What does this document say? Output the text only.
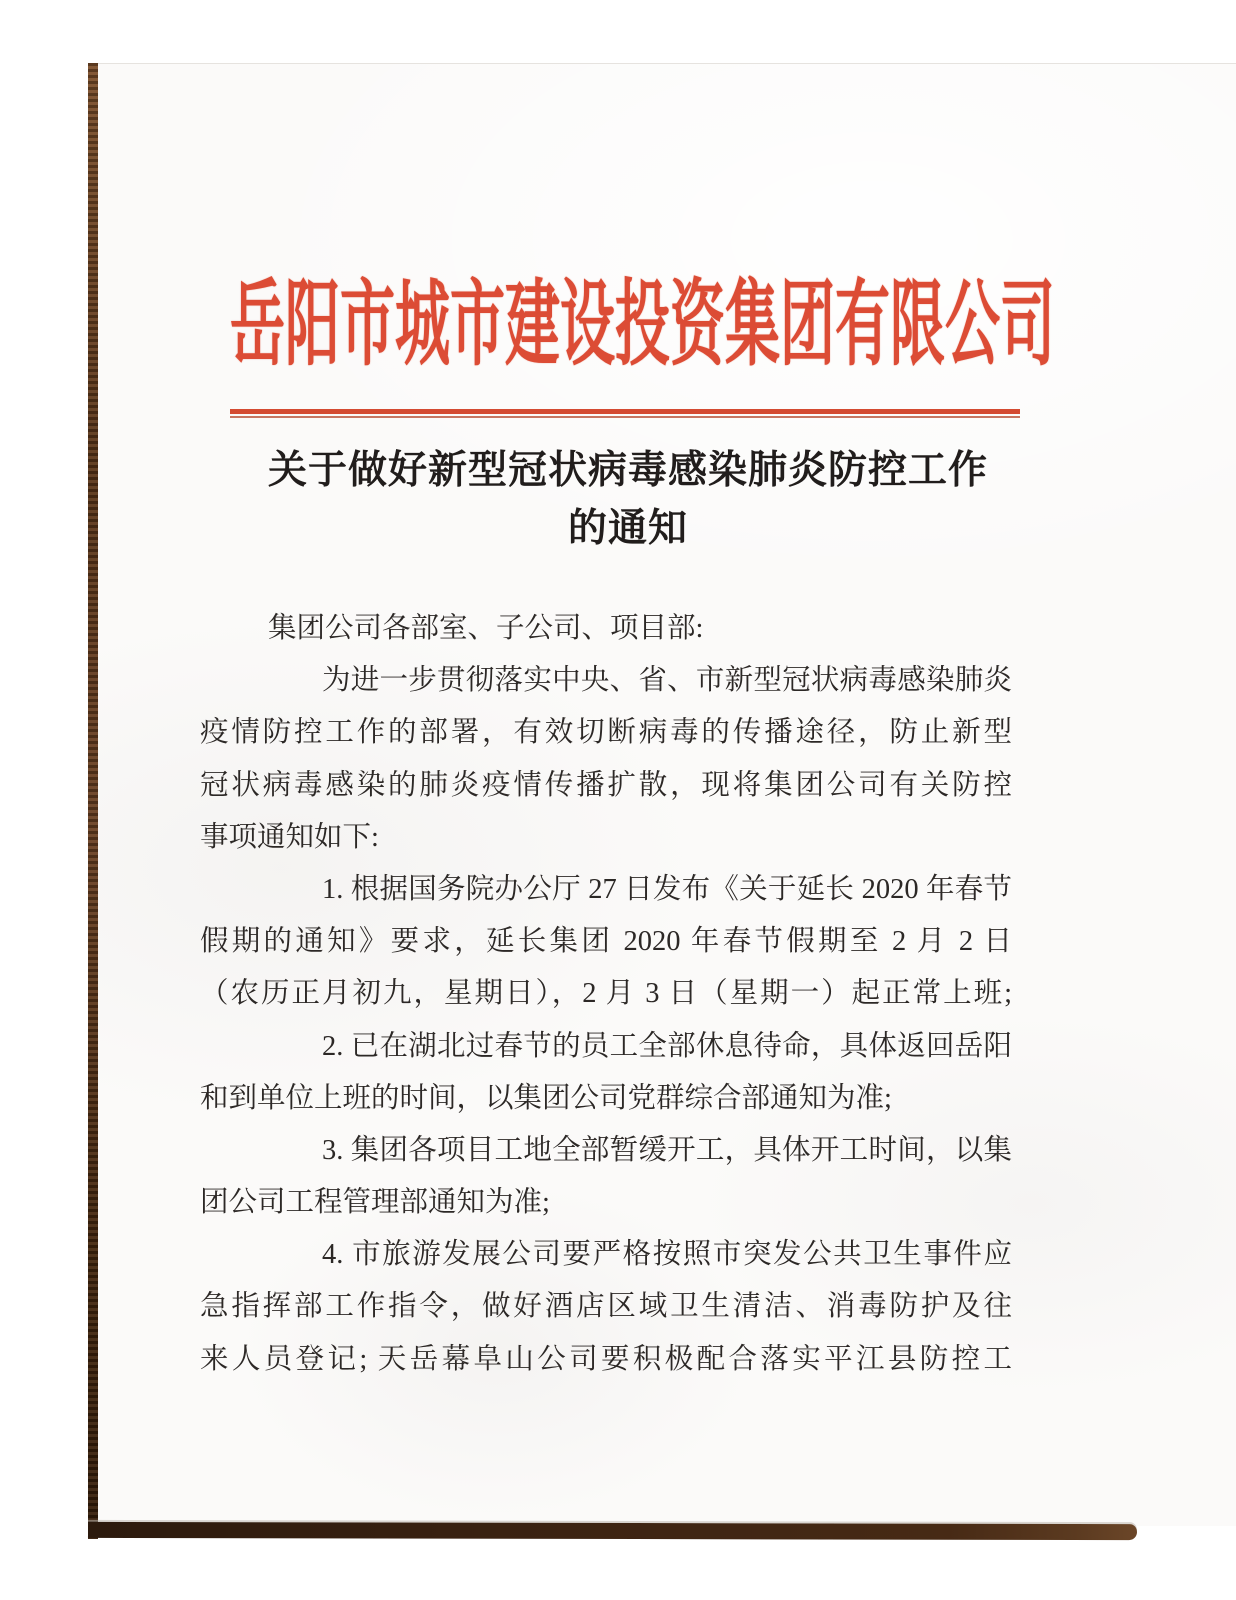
岳阳市城市建设投资集团有限公司
关于做好新型冠状病毒感染肺炎防控工作
的通知
集团公司各部室、子公司、项目部:
为进一步贯彻落实中央、省、市新型冠状病毒感染肺炎
疫情防控工作的部署，有效切断病毒的传播途径，防止新型
冠状病毒感染的肺炎疫情传播扩散，现将集团公司有关防控
事项通知如下:
1. 根据国务院办公厅 27 日发布《关于延长 2020 年春节
假期的通知》要求，延长集团 2020 年春节假期至 2 月 2 日
（农历正月初九，星期日），2 月 3 日（星期一）起正常上班;
2. 已在湖北过春节的员工全部休息待命，具体返回岳阳
和到单位上班的时间，以集团公司党群综合部通知为准;
3. 集团各项目工地全部暂缓开工，具体开工时间，以集
团公司工程管理部通知为准;
4. 市旅游发展公司要严格按照市突发公共卫生事件应
急指挥部工作指令，做好酒店区域卫生清洁、消毒防护及往
来人员登记; 天岳幕阜山公司要积极配合落实平江县防控工
